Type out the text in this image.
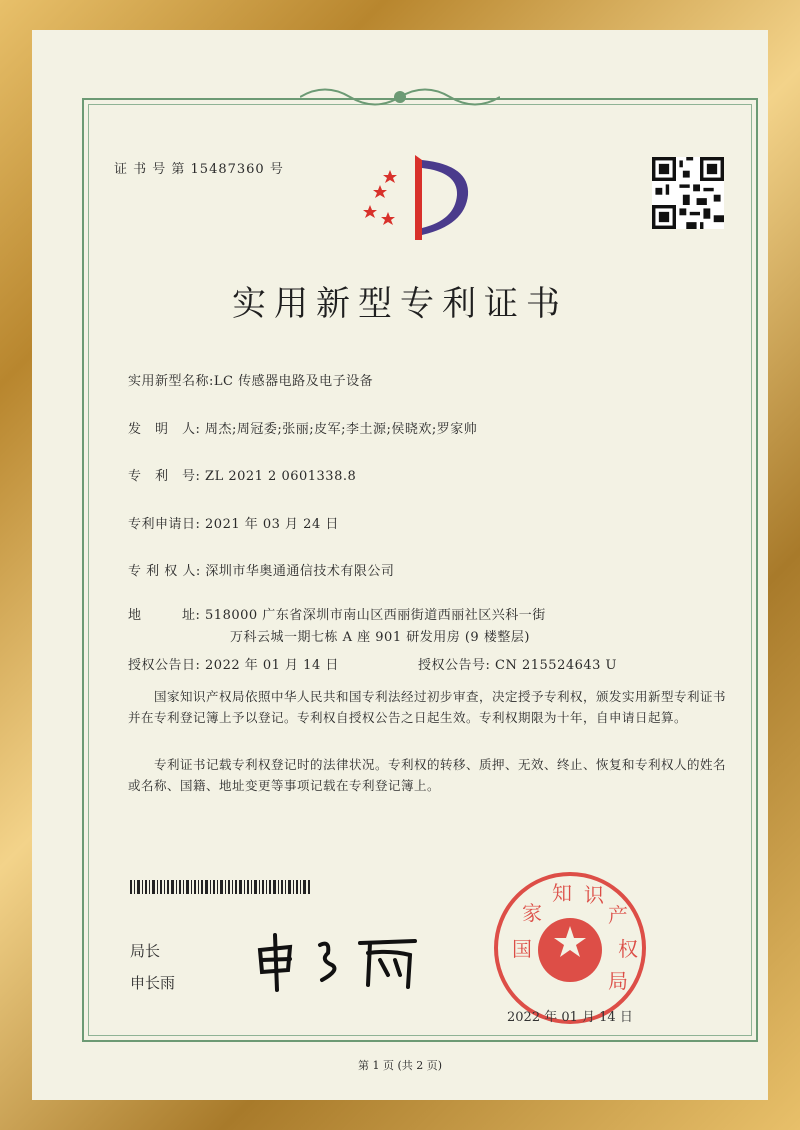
证 书 号 第 15487360 号
实用新型专利证书
实用新型名称:LC 传感器电路及电子设备
发　明　人: 周杰;周冠委;张丽;皮军;李土源;侯晓欢;罗家帅
专　利　号: ZL 2021 2 0601338.8
专利申请日: 2021 年 03 月 24 日
专 利 权 人: 深圳市华奥通通信技术有限公司
地　　　址: 518000 广东省深圳市南山区西丽街道西丽社区兴科一街
万科云城一期七栋 A 座 901 研发用房 (9 楼整层)
授权公告日: 2022 年 01 月 14 日	授权公告号: CN 215524643 U
　　国家知识产权局依照中华人民共和国专利法经过初步审查，决定授予专利权，颁发实用新型专利证书并在专利登记簿上予以登记。专利权自授权公告之日起生效。专利权期限为十年，自申请日起算。
　　专利证书记载专利权登记时的法律状况。专利权的转移、质押、无效、终止、恢复和专利权人的姓名或名称、国籍、地址变更等事项记载在专利登记簿上。
局长
申长雨
国
家
知 识
产
权
局
2022 年 01 月 14 日
第 1 页 (共 2 页)
